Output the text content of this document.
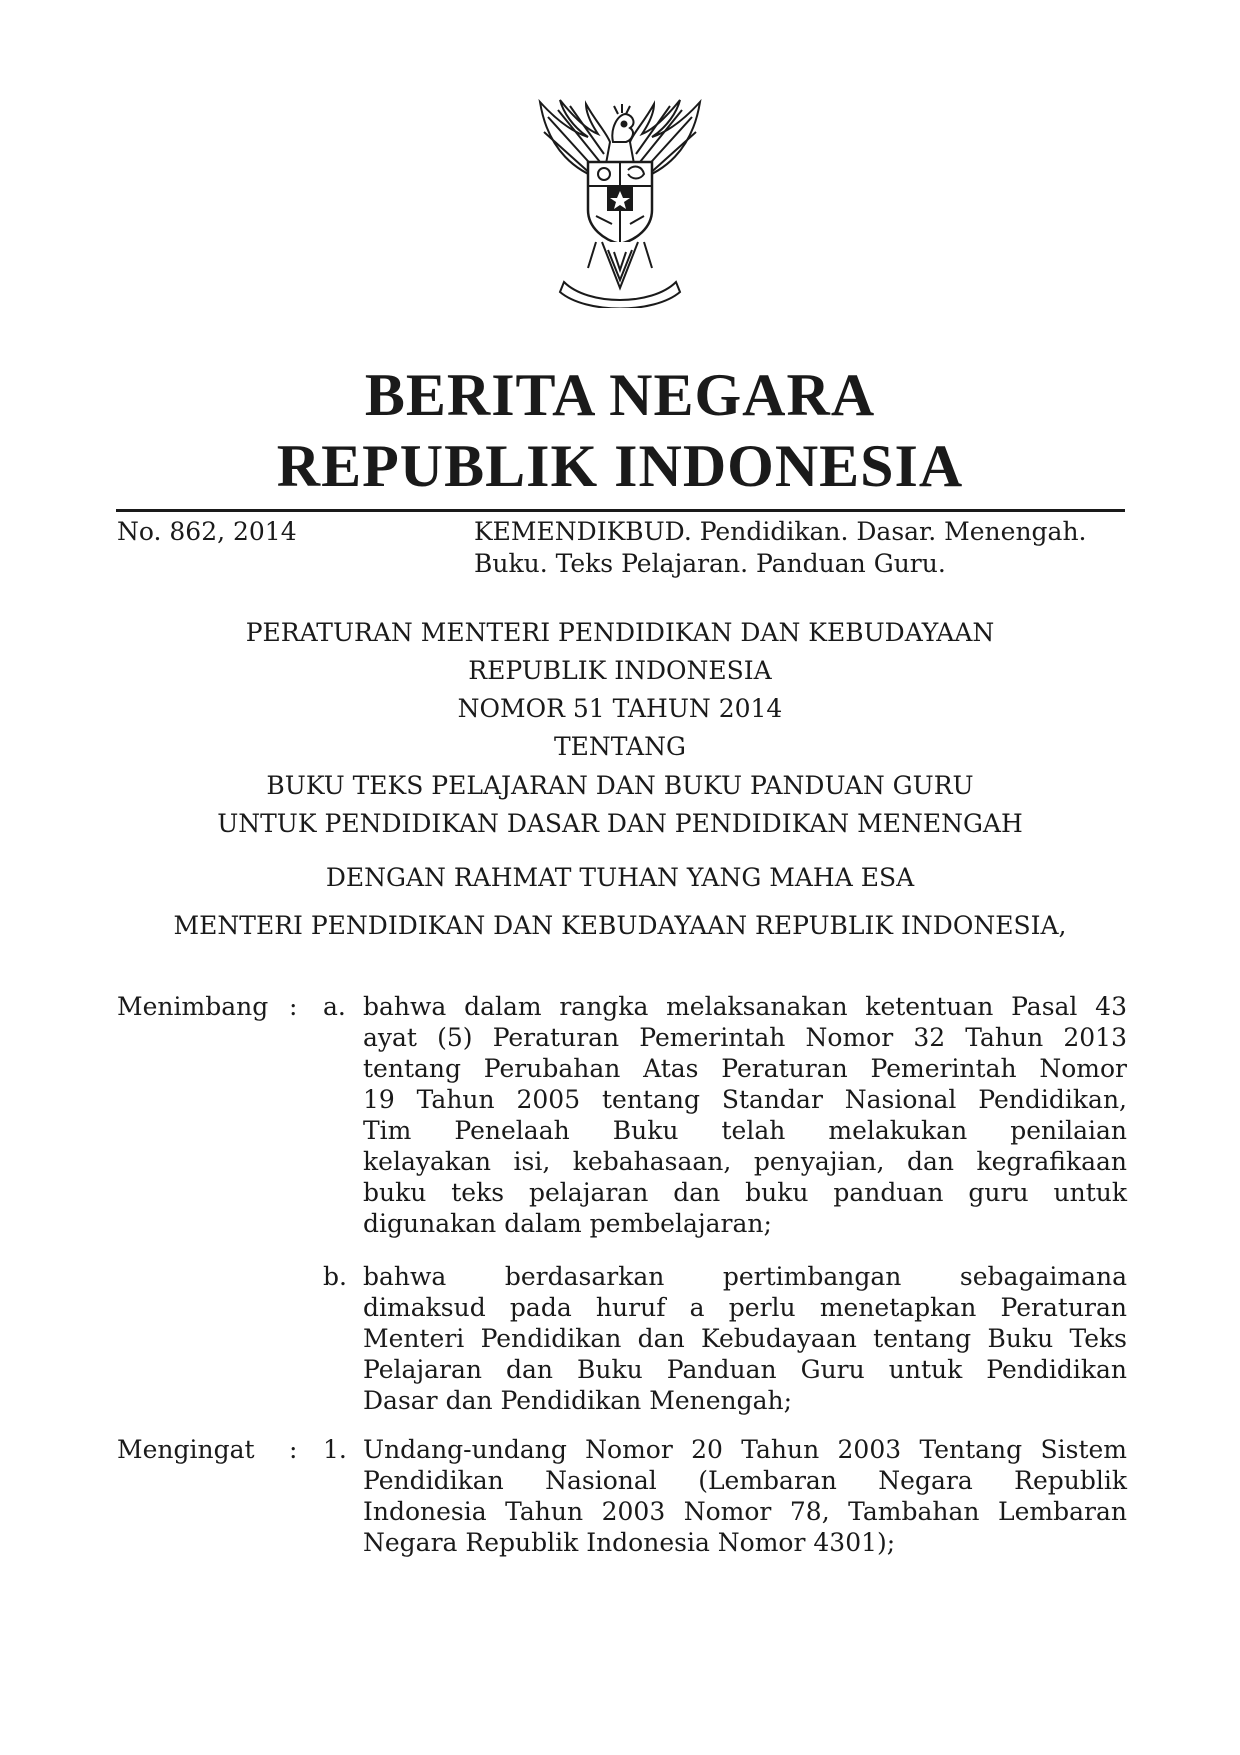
BERITA NEGARA
REPUBLIK INDONESIA
No. 862, 2014	KEMENDIKBUD. Pendidikan. Dasar. Menengah.
Buku. Teks Pelajaran. Panduan Guru.
PERATURAN MENTERI PENDIDIKAN DAN KEBUDAYAAN
REPUBLIK INDONESIA
NOMOR 51 TAHUN 2014
TENTANG
BUKU TEKS PELAJARAN DAN BUKU PANDUAN GURU
UNTUK PENDIDIKAN DASAR DAN PENDIDIKAN MENENGAH
DENGAN RAHMAT TUHAN YANG MAHA ESA
MENTERI PENDIDIKAN DAN KEBUDAYAAN REPUBLIK INDONESIA,
Menimbang : a. bahwa dalam rangka melaksanakan ketentuan Pasal 43
ayat (5) Peraturan Pemerintah Nomor 32 Tahun 2013
tentang Perubahan Atas Peraturan Pemerintah Nomor
19 Tahun 2005 tentang Standar Nasional Pendidikan,
Tim Penelaah Buku telah melakukan penilaian
kelayakan isi, kebahasaan, penyajian, dan kegrafikaan
buku teks pelajaran dan buku panduan guru untuk
digunakan dalam pembelajaran;
b. bahwa berdasarkan pertimbangan sebagaimana
dimaksud pada huruf a perlu menetapkan Peraturan
Menteri Pendidikan dan Kebudayaan tentang Buku Teks
Pelajaran dan Buku Panduan Guru untuk Pendidikan
Dasar dan Pendidikan Menengah;
Mengingat : 1. Undang-undang Nomor 20 Tahun 2003 Tentang Sistem
Pendidikan Nasional (Lembaran Negara Republik
Indonesia Tahun 2003 Nomor 78, Tambahan Lembaran
Negara Republik Indonesia Nomor 4301);
